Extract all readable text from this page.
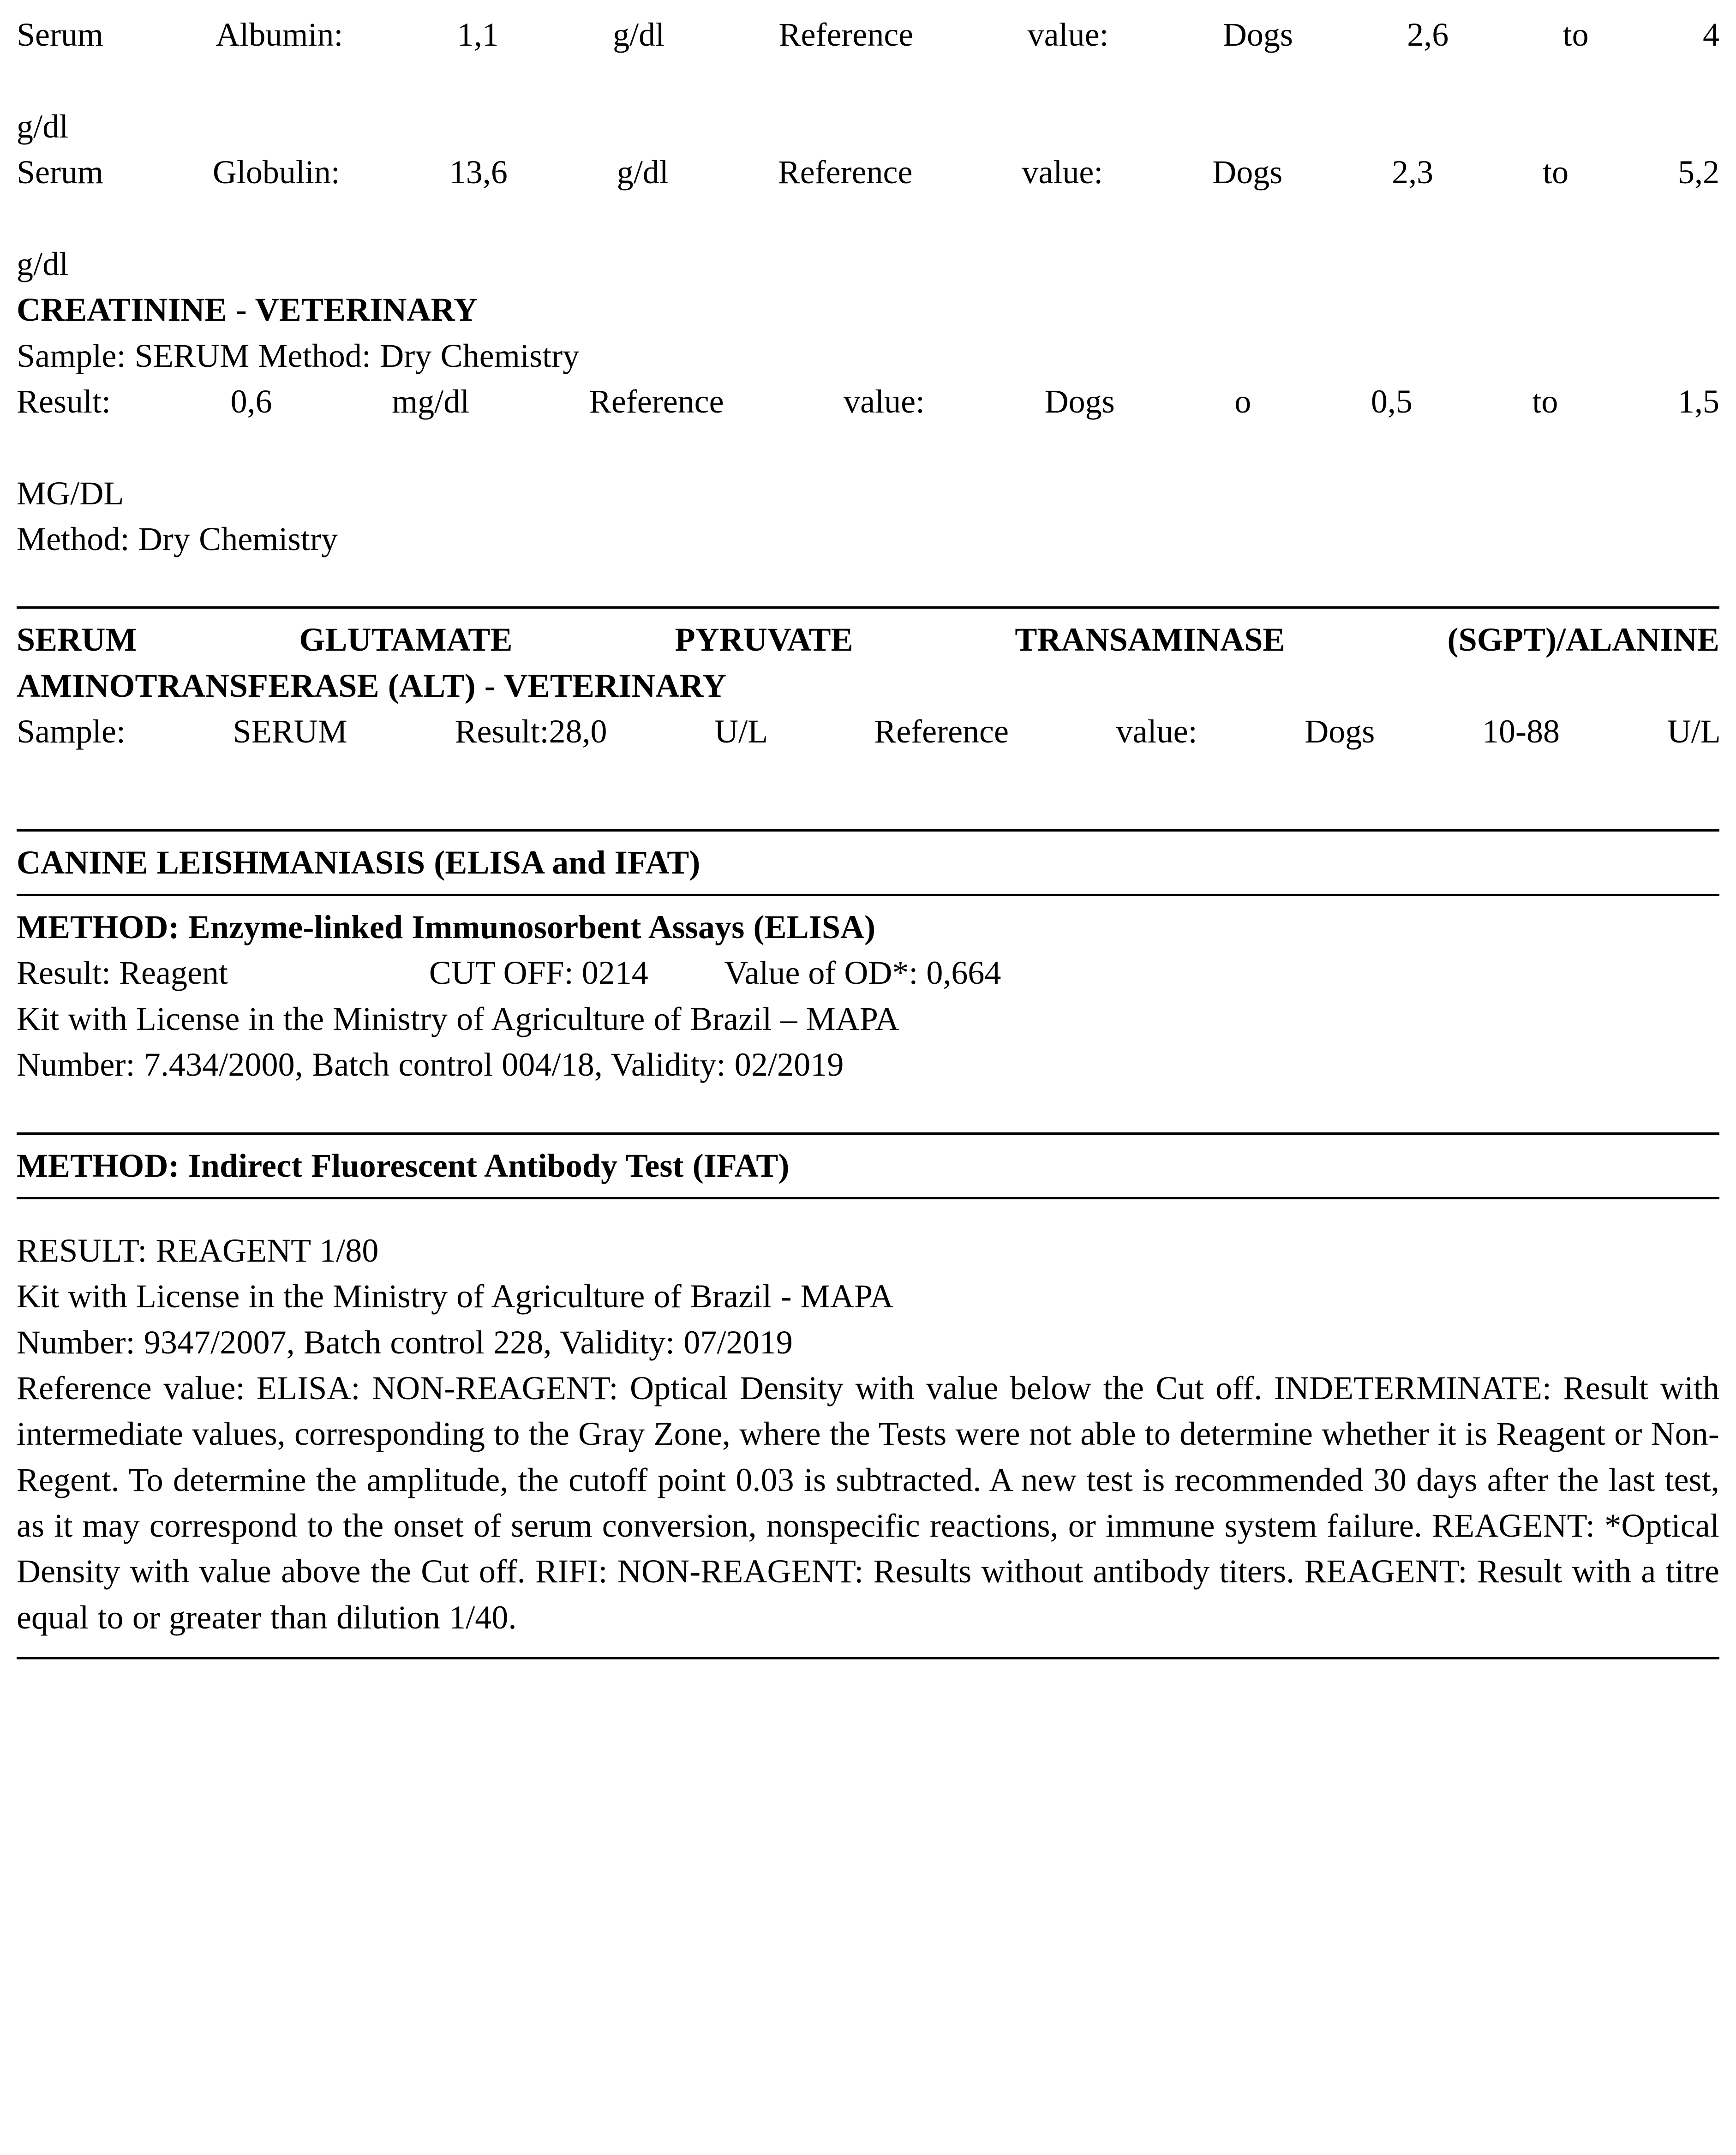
Serum Albumin: 1,1 g/dl	Reference value: Dogs 2,6 to 4
g/dl
Serum Globulin: 13,6 g/dl	Reference value: Dogs 2,3 to 5,2
g/dl
CREATININE - VETERINARY
Sample: SERUM Method: Dry Chemistry
Result: 0,6 mg/dl	Reference value: Dogs o 0,5 to 1,5
MG/DL
Method: Dry Chemistry
SERUM GLUTAMATE PYRUVATE TRANSAMINASE (SGPT)/ALANINE
AMINOTRANSFERASE (ALT) - VETERINARY
Sample: SERUM Result:28,0 U/L	Reference value: Dogs 10-88 U/L
CANINE LEISHMANIASIS (ELISA and IFAT)
METHOD: Enzyme-linked Immunosorbent Assays (ELISA)
Result: Reagent	CUT OFF: 0214 Value of OD*: 0,664
Kit with License in the Ministry of Agriculture of Brazil – MAPA
Number: 7.434/2000, Batch control 004/18, Validity: 02/2019
METHOD: Indirect Fluorescent Antibody Test (IFAT)
RESULT: REAGENT 1/80
Kit with License in the Ministry of Agriculture of Brazil - MAPA
Number: 9347/2007, Batch control 228, Validity: 07/2019
Reference value: ELISA: NON-REAGENT: Optical Density with value below the Cut off. INDETERMINATE: Result with intermediate values, corresponding to the Gray Zone, where the Tests were not able to determine whether it is Reagent or Non-Regent. To determine the amplitude, the cutoff point 0.03 is subtracted. A new test is recommended 30 days after the last test, as it may correspond to the onset of serum conversion, nonspecific reactions, or immune system failure. REAGENT: *Optical Density with value above the Cut off. RIFI: NON-REAGENT: Results without antibody titers. REAGENT: Result with a titre equal to or greater than dilution 1/40.
